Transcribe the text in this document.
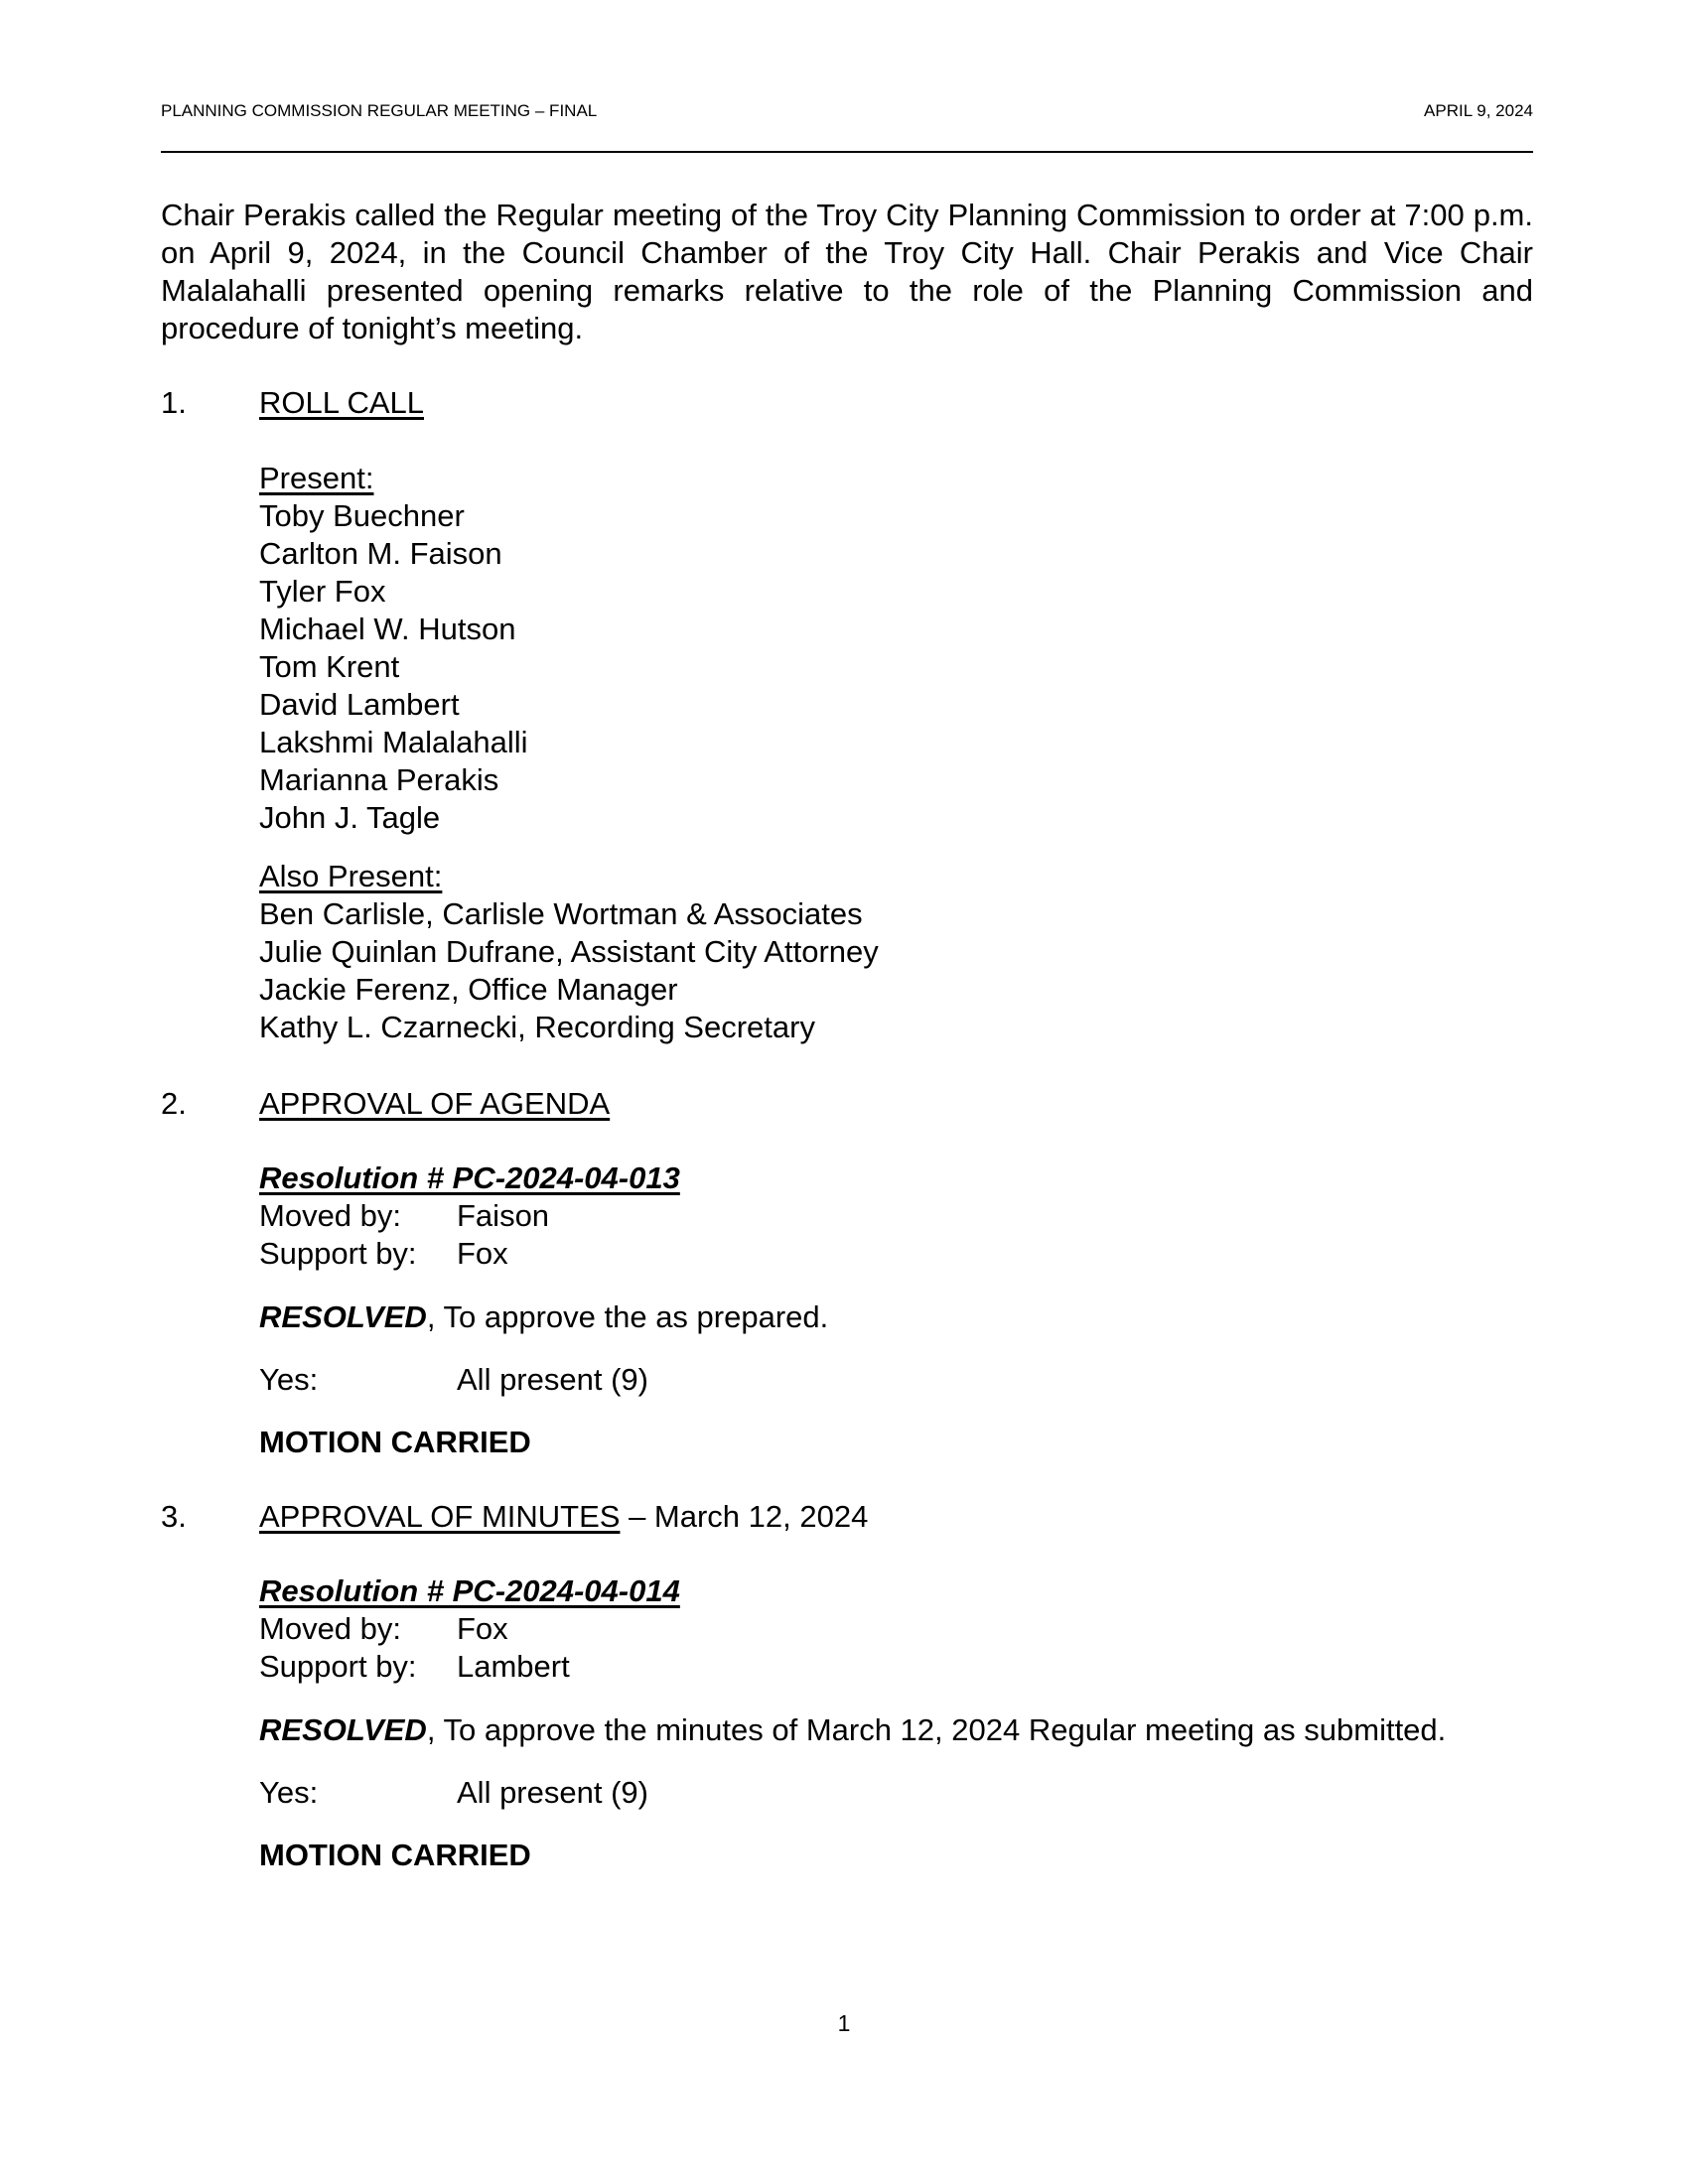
PLANNING COMMISSION REGULAR MEETING – FINAL	APRIL 9, 2024
Chair Perakis called the Regular meeting of the Troy City Planning Commission to order at 7:00 p.m. on April 9, 2024, in the Council Chamber of the Troy City Hall. Chair Perakis and Vice Chair Malalahalli presented opening remarks relative to the role of the Planning Commission and procedure of tonight’s meeting.
1. ROLL CALL
Present:
Toby Buechner
Carlton M. Faison
Tyler Fox
Michael W. Hutson
Tom Krent
David Lambert
Lakshmi Malalahalli
Marianna Perakis
John J. Tagle
Also Present:
Ben Carlisle, Carlisle Wortman & Associates
Julie Quinlan Dufrane, Assistant City Attorney
Jackie Ferenz, Office Manager
Kathy L. Czarnecki, Recording Secretary
2. APPROVAL OF AGENDA
Resolution # PC-2024-04-013
Moved by: Faison
Support by: Fox
RESOLVED, To approve the as prepared.
Yes:	All present (9)
MOTION CARRIED
3. APPROVAL OF MINUTES – March 12, 2024
Resolution # PC-2024-04-014
Moved by: Fox
Support by: Lambert
RESOLVED, To approve the minutes of March 12, 2024 Regular meeting as submitted.
Yes:	All present (9)
MOTION CARRIED
1
